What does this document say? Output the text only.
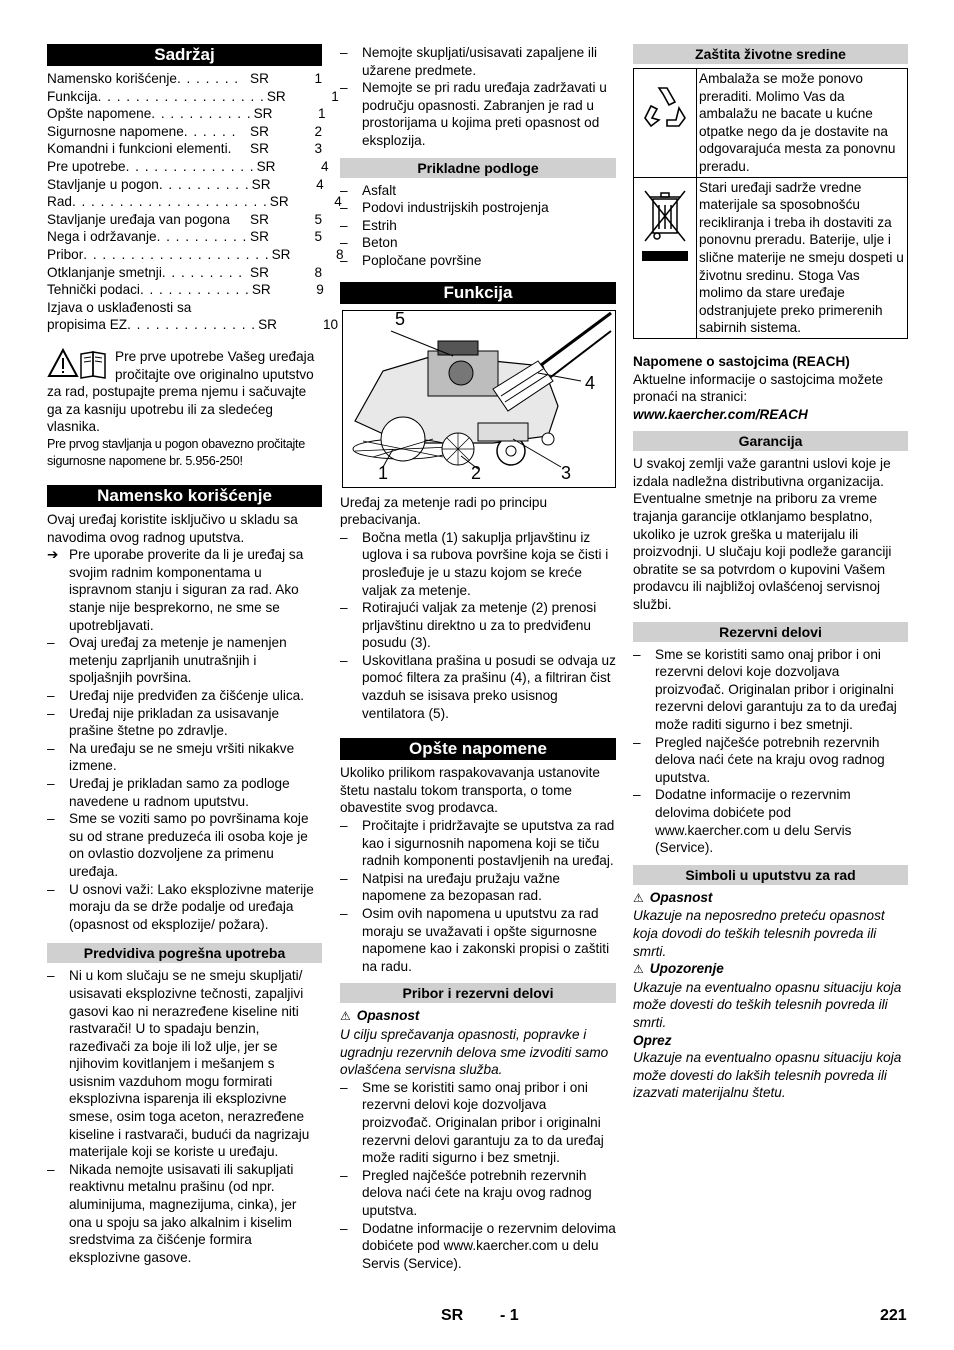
Sadržaj
Namensko korišćenje . . . . . . . SR	1
Funkcija . . . . . . . . . . . . . . . . . . SR	1
Opšte napomene . . . . . . . . . . . SR	1
Sigurnosne napomene . . . . . .	SR	2
Komandni i funkcioni elementi .	SR	3
Pre upotrebe . . . . . . . . . . . . . . SR	4
Stavljanje u pogon . . . . . . . . . . SR	4
Rad . . . . . . . . . . . . . . . . . . . . . SR	4
Stavljanje uređaja van pogona SR	5
Nega i održavanje . . . . . . . . . . SR	5
Pribor . . . . . . . . . . . . . . . . . . . . SR	8
Otklanjanje smetnji . . . . . . . . . SR	8
Tehnički podaci . . . . . . . . . . . . SR	9
Izjava o usklađenosti sa
propisima EZ . . . . . . . . . . . . . . SR	10

Pre prve upotrebe Vašeg uređaja pročitajte ove originalno uputstvo za rad, postupajte prema njemu i sačuvajte ga za kasniju upotrebu ili za sledećeg vlasnika.

Pre prvog stavljanja u pogon obavezno pročitajte sigurnosne napomene br. 5.956-250!

Namensko korišćenje

Ovaj uređaj koristite isključivo u skladu sa navodima ovog radnog uputstva.

➔ Pre uporabe proverite da li je uređaj sa svojim radnim komponentama u ispravnom stanju i siguran za rad. Ako stanje nije besprekorno, ne sme se upotrebljavati.
– Ovaj uređaj za metenje je namenjen metenju zaprljanih unutrašnjih i spoljašnjih površina.
– Uređaj nije predviđen za čišćenje ulica.
– Uređaj nije prikladan za usisavanje prašine štetne po zdravlje.
– Na uređaju se ne smeju vršiti nikakve izmene.
– Uređaj je prikladan samo za podloge navedene u radnom uputstvu.
– Sme se voziti samo po površinama koje su od strane preduzeća ili osoba koje je on ovlastio dozvoljene za primenu uređaja.
– U osnovi važi: Lako eksplozivne materije moraju da se drže podalje od uređaja (opasnost od eksplozije/ požara).
Predvidiva pogrešna upotreba
– Ni u kom slučaju se ne smeju skupljati/ usisavati eksplozivne tečnosti, zapaljivi gasovi kao ni nerazređene kiseline niti rastvarači! U to spadaju benzin, razeđivači za boje ili lož ulje, jer se njihovim kovitlanjem i mešanjem s usisnim vazduhom mogu formirati eksplozivna isparenja ili eksplozivne smese, osim toga aceton, nerazređene kiseline i rastvarači, budući da nagrizaju materijale koji se koriste u uređaju.
– Nikada nemojte usisavati ili sakupljati reaktivnu metalnu prašinu (od npr. aluminijuma, magnezijuma, cinka), jer ona u spoju sa jako alkalnim i kiselim sredstvima za čišćenje formira eksplozivne gasove.
– Nemojte skupljati/usisavati zapaljene ili užarene predmete.
– Nemojte se pri radu uređaja zadržavati u području opasnosti. Zabranjen je rad u prostorijama u kojima preti opasnost od eksplozija.
Prikladne podloge
– Asfalt
– Podovi industrijskih postrojenja
– Estrih
– Beton
– Popločane površine
Funkcija
5
4
1	2	3

Uređaj za metenje radi po principu prebacivanja.

– Bočna metla (1) sakuplja prljavštinu iz uglova i sa rubova površine koja se čisti i prosleđuje je u stazu kojom se kreće valjak za metenje.
– Rotirajući valjak za metenje (2) prenosi prljavštinu direktno u za to predviđenu posudu (3).
– Uskovitlana prašina u posudi se odvaja uz pomoć filtera za prašinu (4), a filtriran čist vazduh se isisava preko usisnog ventilatora (5).
Opšte napomene

Ukoliko prilikom raspakovavanja ustanovite štetu nastalu tokom transporta, o tome obavestite svog prodavca.

– Pročitajte i pridržavajte se uputstva za rad kao i sigurnosnih napomena koji se tiču radnih komponenti postavljenih na uređaj.
– Natpisi na uređaju pružaju važne napomene za bezopasan rad.
– Osim ovih napomena u uputstvu za rad moraju se uvažavati i opšte sigurnosne napomene kao i zakonski propisi o zaštiti na radu.
Pribor i rezervni delovi
⚠ Opasnost

U cilju sprečavanja opasnosti, popravke i ugradnju rezervnih delova sme izvoditi samo ovlašćena servisna služba.

– Sme se koristiti samo onaj pribor i oni rezervni delovi koje dozvoljava proizvođač. Originalan pribor i originalni rezervni delovi garantuju za to da uređaj može raditi sigurno i bez smetnji.
– Pregled najčešće potrebnih rezervnih delova naći ćete na kraju ovog radnog uputstva.
– Dodatne informacije o rezervnim delovima dobićete pod www.kaercher.com u delu Servis (Service).
Zaštita životne sredine
	Ambalaža se može ponovo preraditi. Molimo Vas da ambalažu ne bacate u kućne otpatke nego da je dostavite na odgovarajuća mesta za ponovnu preradu.
	Stari uređaji sadrže vredne materijale sa sposobnošću recikliranja i treba ih dostaviti za ponovnu preradu. Baterije, ulje i slične materije ne smeju dospeti u životnu sredinu. Stoga Vas molimo da stare uređaje odstranjujete preko primerenih sabirnih sistema.

Napomene o sastojcima (REACH)

Aktuelne informacije o sastojcima možete pronaći na stranici:

www.kaercher.com/REACH

Garancija

U svakoj zemlji važe garantni uslovi koje je izdala nadležna distributivna organizacija. Eventualne smetnje na priboru za vreme trajanja garancije otklanjamo besplatno, ukoliko je uzrok greška u materijalu ili proizvodnji. U slučaju koji podleže garanciji obratite se sa potvrdom o kupovini Vašem prodavcu ili najbližoj ovlašćenoj servisnoj službi.

Rezervni delovi
– Sme se koristiti samo onaj pribor i oni rezervni delovi koje dozvoljava proizvođač. Originalan pribor i originalni rezervni delovi garantuju za to da uređaj može raditi sigurno i bez smetnji.
– Pregled najčešće potrebnih rezervnih delova naći ćete na kraju ovog radnog uputstva.
– Dodatne informacije o rezervnim delovima dobićete pod www.kaercher.com u delu Servis (Service).
Simboli u uputstvu za rad
⚠ Opasnost

Ukazuje na neposredno preteću opasnost koja dovodi do teških telesnih povreda ili smrti.

⚠ Upozorenje

Ukazuje na eventualno opasnu situaciju koja može dovesti do teških telesnih povreda ili smrti.

Oprez

Ukazuje na eventualno opasnu situaciju koja može dovesti do lakših telesnih povreda ili izazvati materijalnu štetu.

SR - 1	221
